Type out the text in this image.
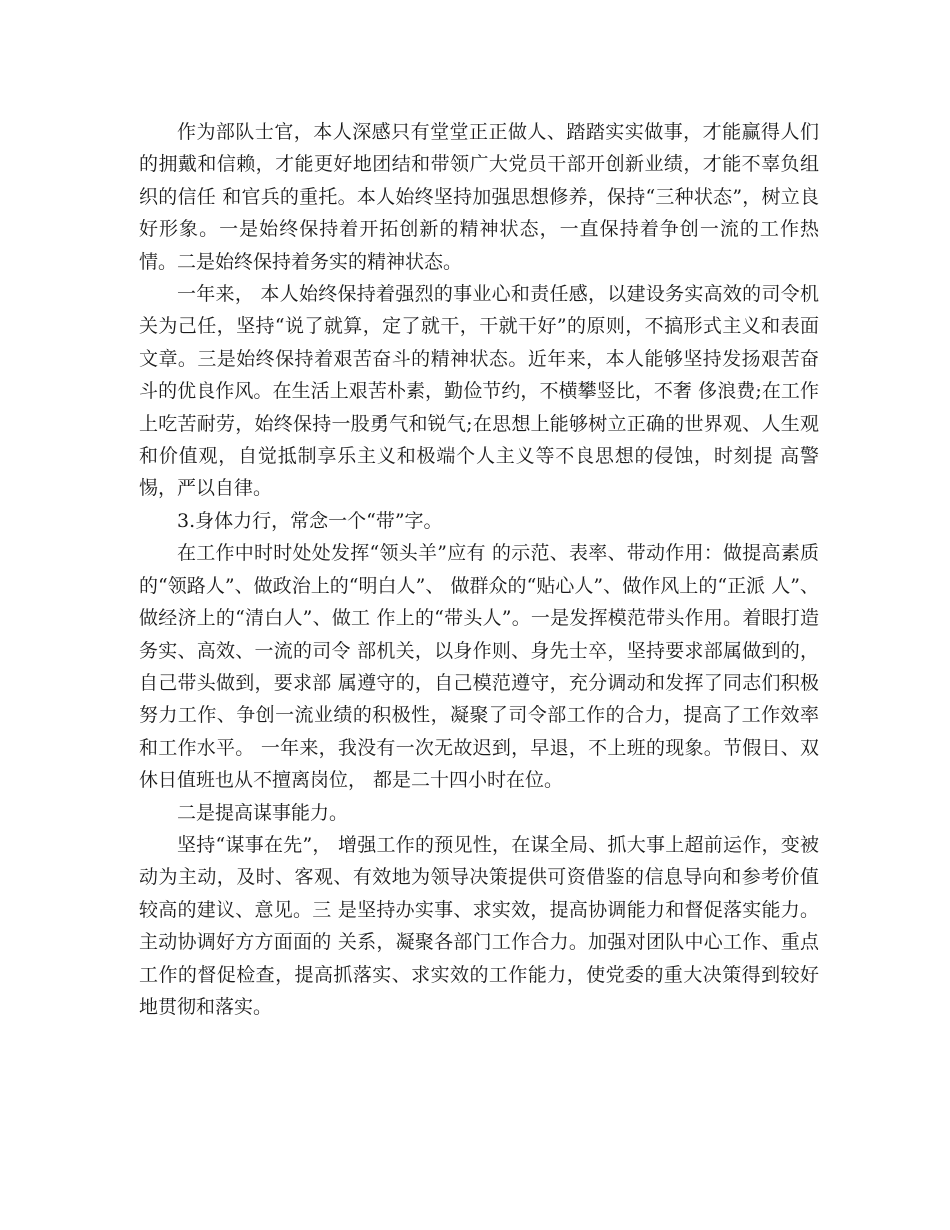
作为部队士官，本人深感只有堂堂正正做人、踏踏实实做事，才能赢得人们的拥戴和信赖，才能更好地团结和带领广大党员干部开创新业绩，才能不辜负组织的信任 和官兵的重托。本人始终坚持加强思想修养，保持“三种状态”，树立良好形象。一是始终保持着开拓创新的精神状态，一直保持着争创一流的工作热情。二是始终保持着务实的精神状态。

一年来， 本人始终保持着强烈的事业心和责任感，以建设务实高效的司令机关为己任，坚持“说了就算，定了就干，干就干好”的原则，不搞形式主义和表面文章。三是始终保持着艰苦奋斗的精神状态。近年来，本人能够坚持发扬艰苦奋斗的优良作风。在生活上艰苦朴素，勤俭节约，不横攀竖比，不奢 侈浪费;在工作上吃苦耐劳，始终保持一股勇气和锐气;在思想上能够树立正确的世界观、人生观和价值观，自觉抵制享乐主义和极端个人主义等不良思想的侵蚀，时刻提 高警惕，严以自律。

3.身体力行，常念一个“带”字。

在工作中时时处处发挥“领头羊”应有 的示范、表率、带动作用：做提高素质的“领路人”、做政治上的“明白人”、 做群众的“贴心人”、做作风上的“正派 人”、做经济上的“清白人”、做工 作上的“带头人”。一是发挥模范带头作用。着眼打造务实、高效、一流的司令 部机关，以身作则、身先士卒，坚持要求部属做到的，自己带头做到，要求部 属遵守的，自己模范遵守，充分调动和发挥了同志们积极努力工作、争创一流业绩的积极性，凝聚了司令部工作的合力，提高了工作效率和工作水平。 一年来，我没有一次无故迟到，早退，不上班的现象。节假日、双休日值班也从不擅离岗位， 都是二十四小时在位。

二是提高谋事能力。

坚持“谋事在先”， 增强工作的预见性，在谋全局、抓大事上超前运作，变被动为主动，及时、客观、有效地为领导决策提供可资借鉴的信息导向和参考价值较高的建议、意见。三 是坚持办实事、求实效，提高协调能力和督促落实能力。主动协调好方方面面的 关系，凝聚各部门工作合力。加强对团队中心工作、重点工作的督促检查，提高抓落实、求实效的工作能力，使党委的重大决策得到较好地贯彻和落实。
